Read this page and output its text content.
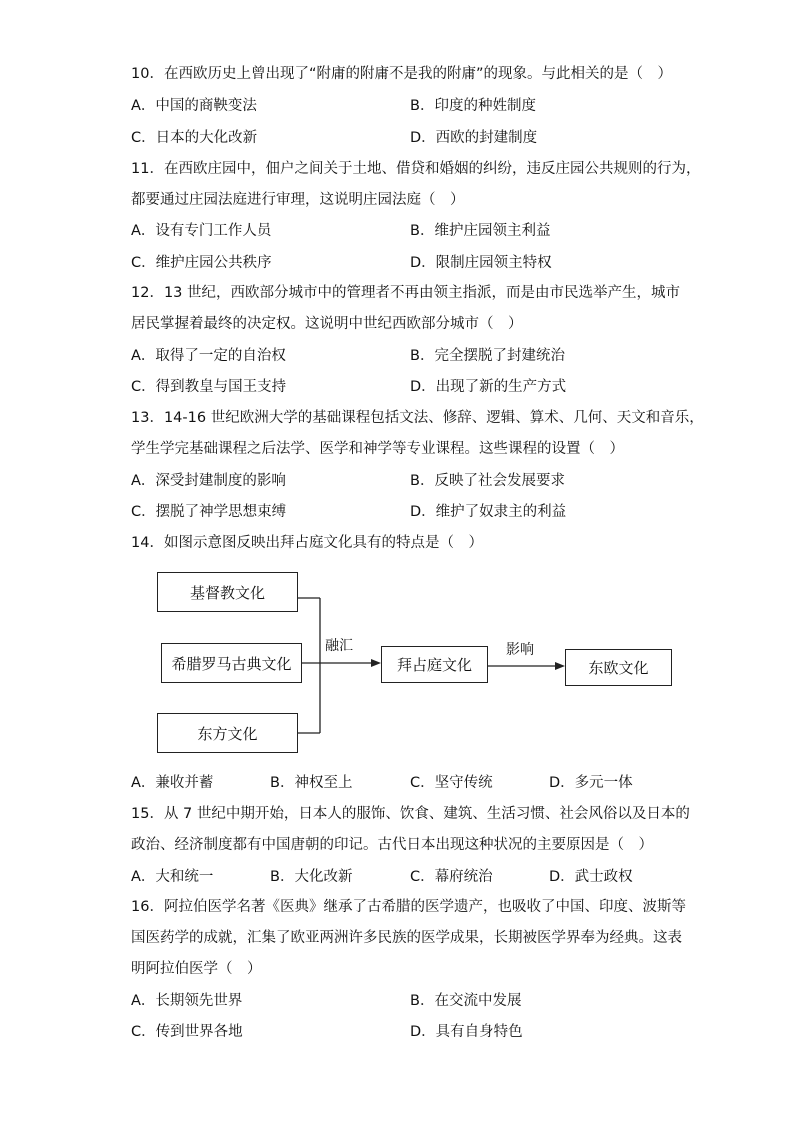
10．在西欧历史上曾出现了“附庸的附庸不是我的附庸”的现象。与此相关的是（　）
A．中国的商鞅变法	B．印度的种姓制度
C．日本的大化改新	D．西欧的封建制度
11．在西欧庄园中，佃户之间关于土地、借贷和婚姻的纠纷，违反庄园公共规则的行为，
都要通过庄园法庭进行审理，这说明庄园法庭（　）
A．设有专门工作人员	B．维护庄园领主利益
C．维护庄园公共秩序	D．限制庄园领主特权
12．13 世纪，西欧部分城市中的管理者不再由领主指派，而是由市民选举产生，城市
居民掌握着最终的决定权。这说明中世纪西欧部分城市（　）
A．取得了一定的自治权	B．完全摆脱了封建统治
C．得到教皇与国王支持	D．出现了新的生产方式
13．14-16 世纪欧洲大学的基础课程包括文法、修辞、逻辑、算术、几何、天文和音乐，
学生学完基础课程之后法学、医学和神学等专业课程。这些课程的设置（　）
A．深受封建制度的影响	B．反映了社会发展要求
C．摆脱了神学思想束缚	D．维护了奴隶主的利益
14．如图示意图反映出拜占庭文化具有的特点是（　）
基督教文化
希腊罗马古典文化
东方文化
融汇
拜占庭文化
影响
东欧文化
A．兼收并蓄	B．神权至上	C．坚守传统	D．多元一体
15．从 7 世纪中期开始，日本人的服饰、饮食、建筑、生活习惯、社会风俗以及日本的
政治、经济制度都有中国唐朝的印记。古代日本出现这种状况的主要原因是（　）
A．大和统一	B．大化改新	C．幕府统治	D．武士政权
16．阿拉伯医学名著《医典》继承了古希腊的医学遗产，也吸收了中国、印度、波斯等
国医药学的成就，汇集了欧亚两洲许多民族的医学成果，长期被医学界奉为经典。这表
明阿拉伯医学（　）
A．长期领先世界	B．在交流中发展
C．传到世界各地	D．具有自身特色
